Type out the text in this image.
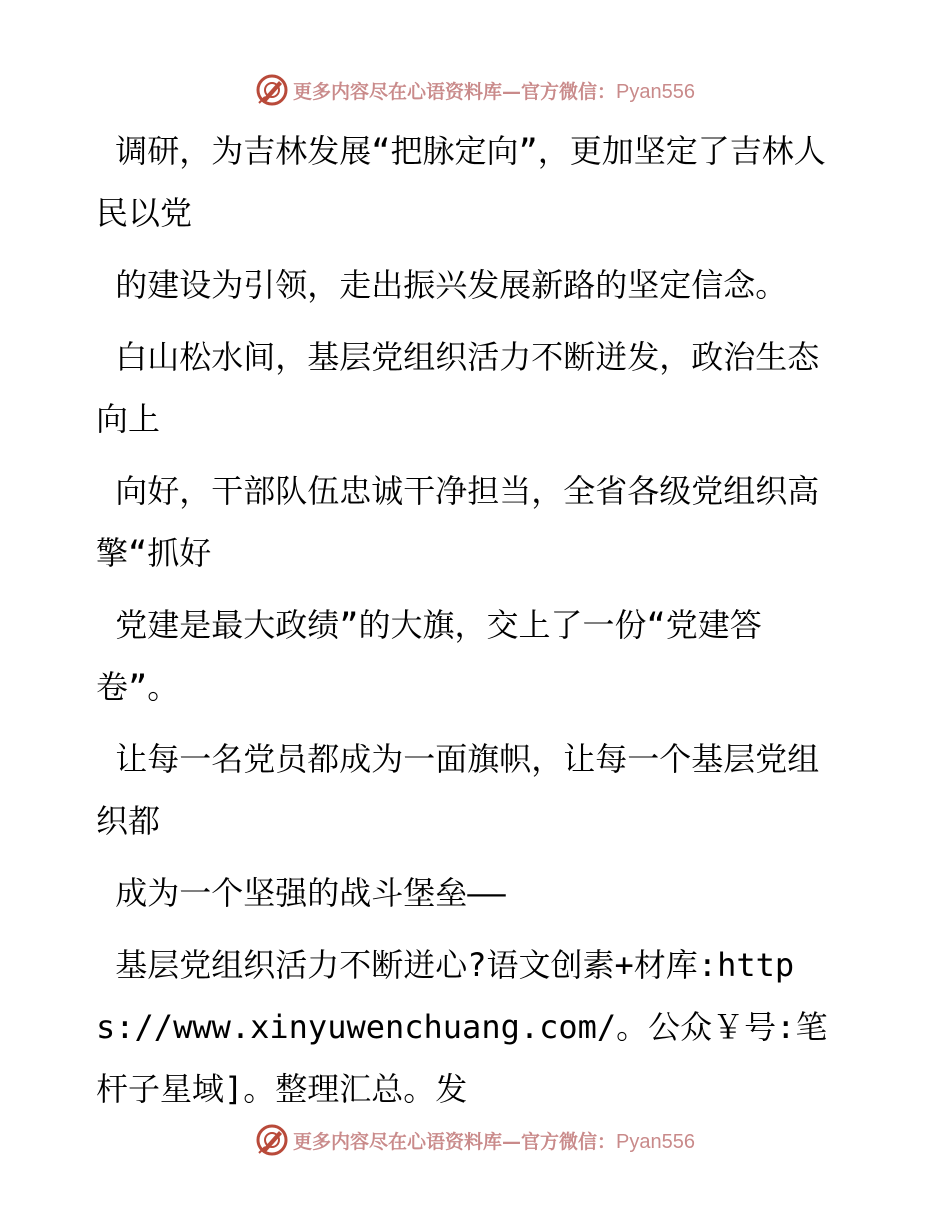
更多内容尽在心语资料库—官方微信：Pyan556

调研，为吉林发展“把脉定向”，更加坚定了吉林人民以党

的建设为引领，走出振兴发展新路的坚定信念。

白山松水间，基层党组织活力不断迸发，政治生态向上

向好，干部队伍忠诚干净担当，全省各级党组织高擎“抓好

党建是最大政绩”的大旗，交上了一份“党建答卷”。

让每一名党员都成为一面旗帜，让每一个基层党组织都

成为一个坚强的战斗堡垒——

基层党组织活力不断迸心?语文创素+材库:https://www.xinyuwenchuang.com/。公众￥号:笔杆子星域]。整理汇总。发

更多内容尽在心语资料库—官方微信：Pyan556
